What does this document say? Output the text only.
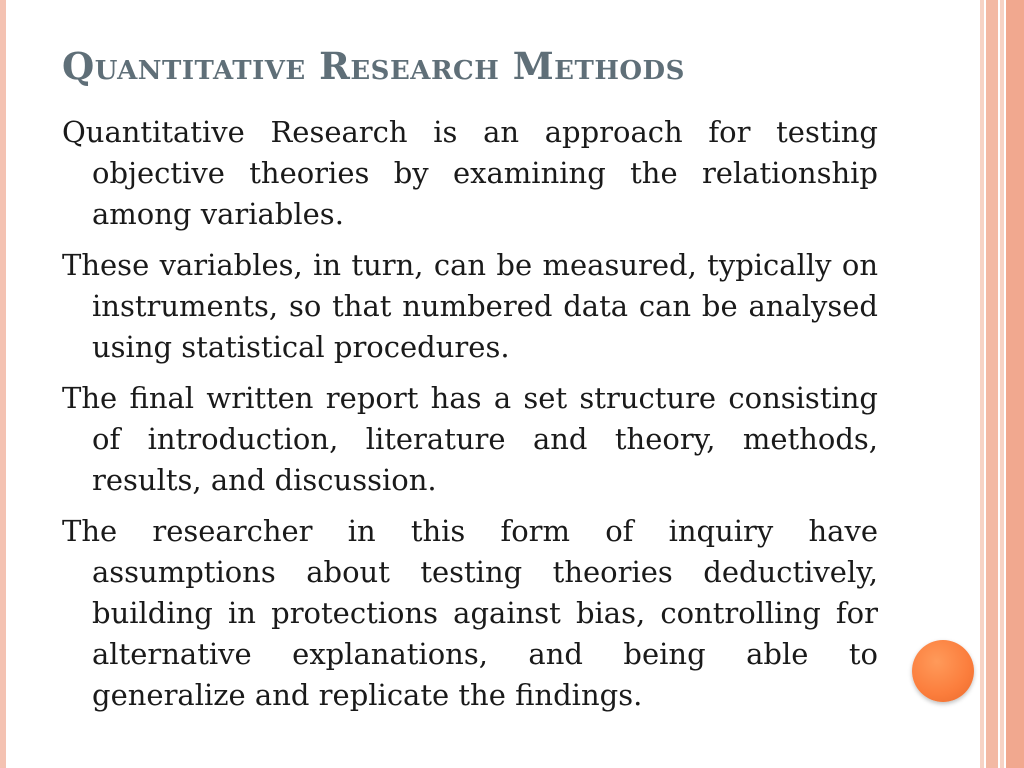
Quantitative Research Methods

Quantitative Research is an approach for testing objective theories by examining the relationship among variables.

These variables, in turn, can be measured, typically on instruments, so that numbered data can be analysed using statistical procedures.

The final written report has a set structure consisting of introduction, literature and theory, methods, results, and discussion.

The researcher in this form of inquiry have assumptions about testing theories deductively, building in protections against bias, controlling for alternative explanations, and being able to generalize and replicate the findings.
